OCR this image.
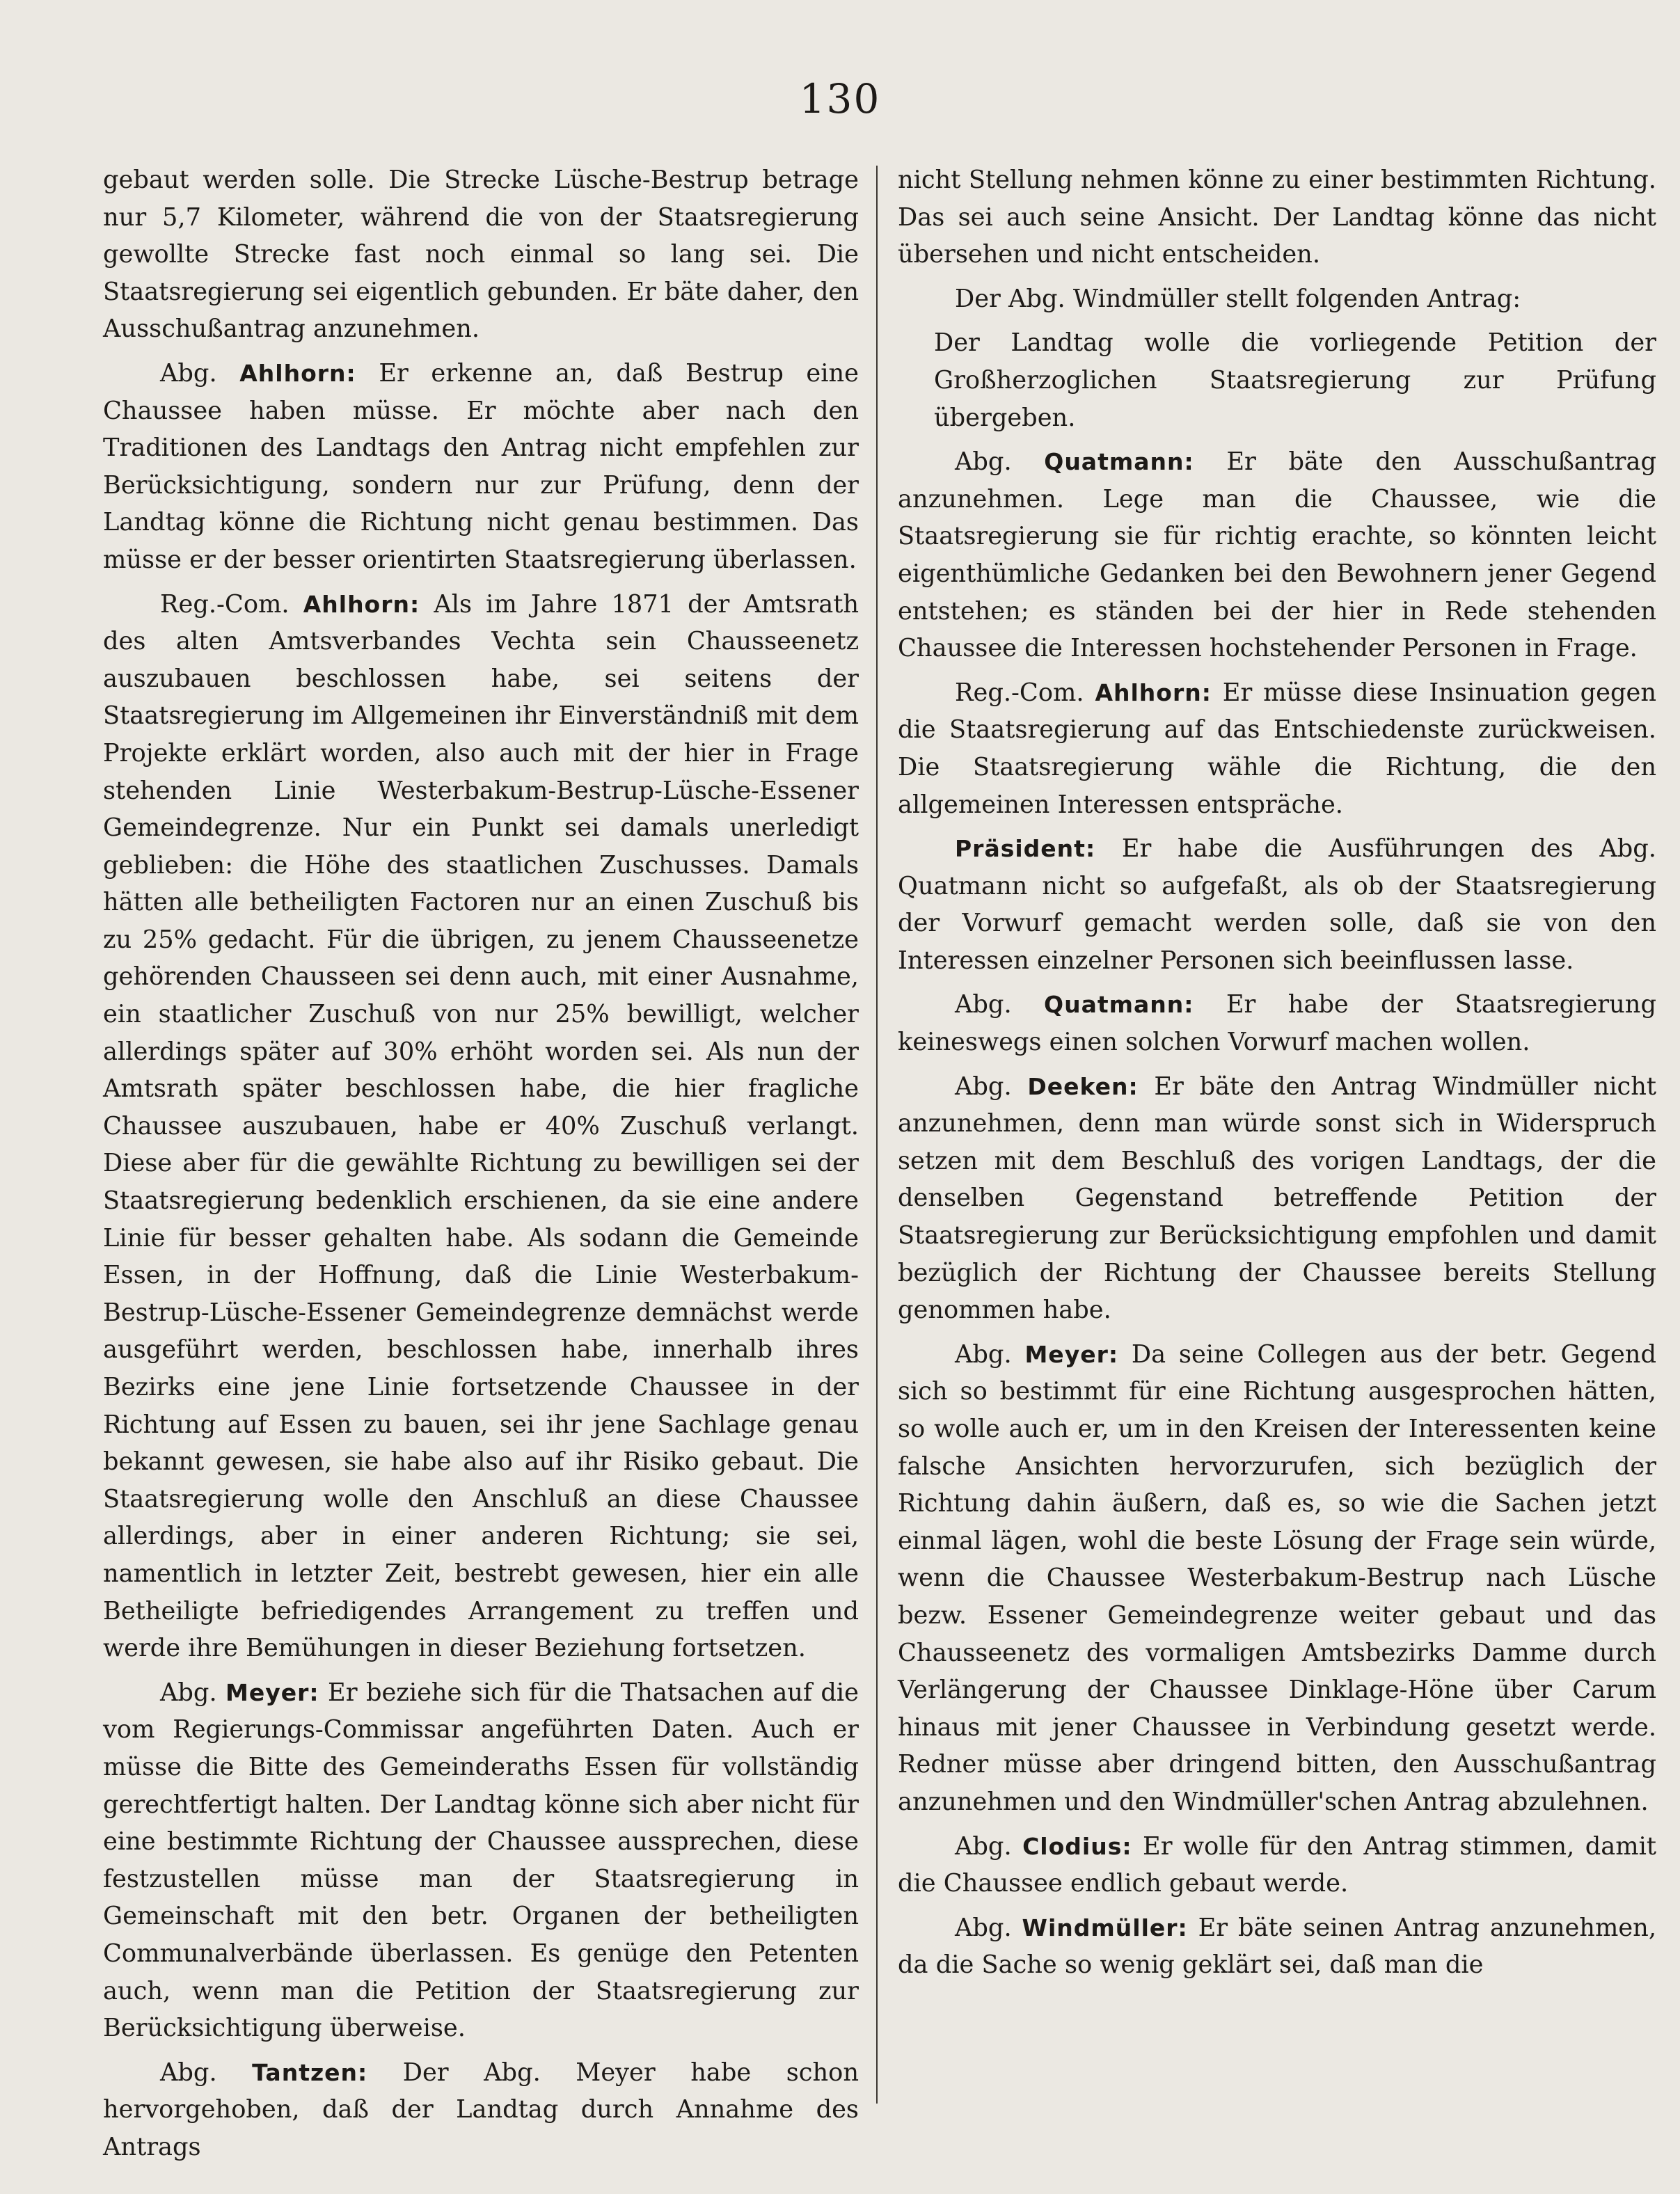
130

gebaut werden solle. Die Strecke Lüsche-Bestrup betrage nur 5,7 Kilometer, während die von der Staatsregierung gewollte Strecke fast noch einmal so lang sei. Die Staatsregierung sei eigentlich gebunden. Er bäte daher, den Ausschußantrag anzunehmen.

Abg. Ahlhorn: Er erkenne an, daß Bestrup eine Chaussee haben müsse. Er möchte aber nach den Traditionen des Landtags den Antrag nicht empfehlen zur Berücksichtigung, sondern nur zur Prüfung, denn der Landtag könne die Richtung nicht genau bestimmen. Das müsse er der besser orientirten Staatsregierung überlassen.

Reg.-Com. Ahlhorn: Als im Jahre 1871 der Amtsrath des alten Amtsverbandes Vechta sein Chausseenetz auszubauen beschlossen habe, sei seitens der Staatsregierung im Allgemeinen ihr Einverständniß mit dem Projekte erklärt worden, also auch mit der hier in Frage stehenden Linie Westerbakum-Bestrup-Lüsche-Essener Gemeindegrenze. Nur ein Punkt sei damals unerledigt geblieben: die Höhe des staatlichen Zuschusses. Damals hätten alle betheiligten Factoren nur an einen Zuschuß bis zu 25% gedacht. Für die übrigen, zu jenem Chausseenetze gehörenden Chausseen sei denn auch, mit einer Ausnahme, ein staatlicher Zuschuß von nur 25% bewilligt, welcher allerdings später auf 30% erhöht worden sei. Als nun der Amtsrath später beschlossen habe, die hier fragliche Chaussee auszubauen, habe er 40% Zuschuß verlangt. Diese aber für die gewählte Richtung zu bewilligen sei der Staatsregierung bedenklich erschienen, da sie eine andere Linie für besser gehalten habe. Als sodann die Gemeinde Essen, in der Hoffnung, daß die Linie Westerbakum-Bestrup-Lüsche-Essener Gemeindegrenze demnächst werde ausgeführt werden, beschlossen habe, innerhalb ihres Bezirks eine jene Linie fortsetzende Chaussee in der Richtung auf Essen zu bauen, sei ihr jene Sachlage genau bekannt gewesen, sie habe also auf ihr Risiko gebaut. Die Staatsregierung wolle den Anschluß an diese Chaussee allerdings, aber in einer anderen Richtung; sie sei, namentlich in letzter Zeit, bestrebt gewesen, hier ein alle Betheiligte befriedigendes Arrangement zu treffen und werde ihre Bemühungen in dieser Beziehung fortsetzen.

Abg. Meyer: Er beziehe sich für die Thatsachen auf die vom Regierungs-Commissar angeführten Daten. Auch er müsse die Bitte des Gemeinderaths Essen für vollständig gerechtfertigt halten. Der Landtag könne sich aber nicht für eine bestimmte Richtung der Chaussee aussprechen, diese festzustellen müsse man der Staatsregierung in Gemeinschaft mit den betr. Organen der betheiligten Communalverbände überlassen. Es genüge den Petenten auch, wenn man die Petition der Staatsregierung zur Berücksichtigung überweise.

Abg. Tantzen: Der Abg. Meyer habe schon hervorgehoben, daß der Landtag durch Annahme des Antrags

nicht Stellung nehmen könne zu einer bestimmten Richtung. Das sei auch seine Ansicht. Der Landtag könne das nicht übersehen und nicht entscheiden.

Der Abg. Windmüller stellt folgenden Antrag:

Der Landtag wolle die vorliegende Petition der Großherzoglichen Staatsregierung zur Prüfung übergeben.

Abg. Quatmann: Er bäte den Ausschußantrag anzunehmen. Lege man die Chaussee, wie die Staatsregierung sie für richtig erachte, so könnten leicht eigenthümliche Gedanken bei den Bewohnern jener Gegend entstehen; es ständen bei der hier in Rede stehenden Chaussee die Interessen hochstehender Personen in Frage.

Reg.-Com. Ahlhorn: Er müsse diese Insinuation gegen die Staatsregierung auf das Entschiedenste zurückweisen. Die Staatsregierung wähle die Richtung, die den allgemeinen Interessen entspräche.

Präsident: Er habe die Ausführungen des Abg. Quatmann nicht so aufgefaßt, als ob der Staatsregierung der Vorwurf gemacht werden solle, daß sie von den Interessen einzelner Personen sich beeinflussen lasse.

Abg. Quatmann: Er habe der Staatsregierung keineswegs einen solchen Vorwurf machen wollen.

Abg. Deeken: Er bäte den Antrag Windmüller nicht anzunehmen, denn man würde sonst sich in Widerspruch setzen mit dem Beschluß des vorigen Landtags, der die denselben Gegenstand betreffende Petition der Staatsregierung zur Berücksichtigung empfohlen und damit bezüglich der Richtung der Chaussee bereits Stellung genommen habe.

Abg. Meyer: Da seine Collegen aus der betr. Gegend sich so bestimmt für eine Richtung ausgesprochen hätten, so wolle auch er, um in den Kreisen der Interessenten keine falsche Ansichten hervorzurufen, sich bezüglich der Richtung dahin äußern, daß es, so wie die Sachen jetzt einmal lägen, wohl die beste Lösung der Frage sein würde, wenn die Chaussee Westerbakum-Bestrup nach Lüsche bezw. Essener Gemeindegrenze weiter gebaut und das Chausseenetz des vormaligen Amtsbezirks Damme durch Verlängerung der Chaussee Dinklage-Höne über Carum hinaus mit jener Chaussee in Verbindung gesetzt werde. Redner müsse aber dringend bitten, den Ausschußantrag anzunehmen und den Windmüller'schen Antrag abzulehnen.

Abg. Clodius: Er wolle für den Antrag stimmen, damit die Chaussee endlich gebaut werde.

Abg. Windmüller: Er bäte seinen Antrag anzunehmen, da die Sache so wenig geklärt sei, daß man die
